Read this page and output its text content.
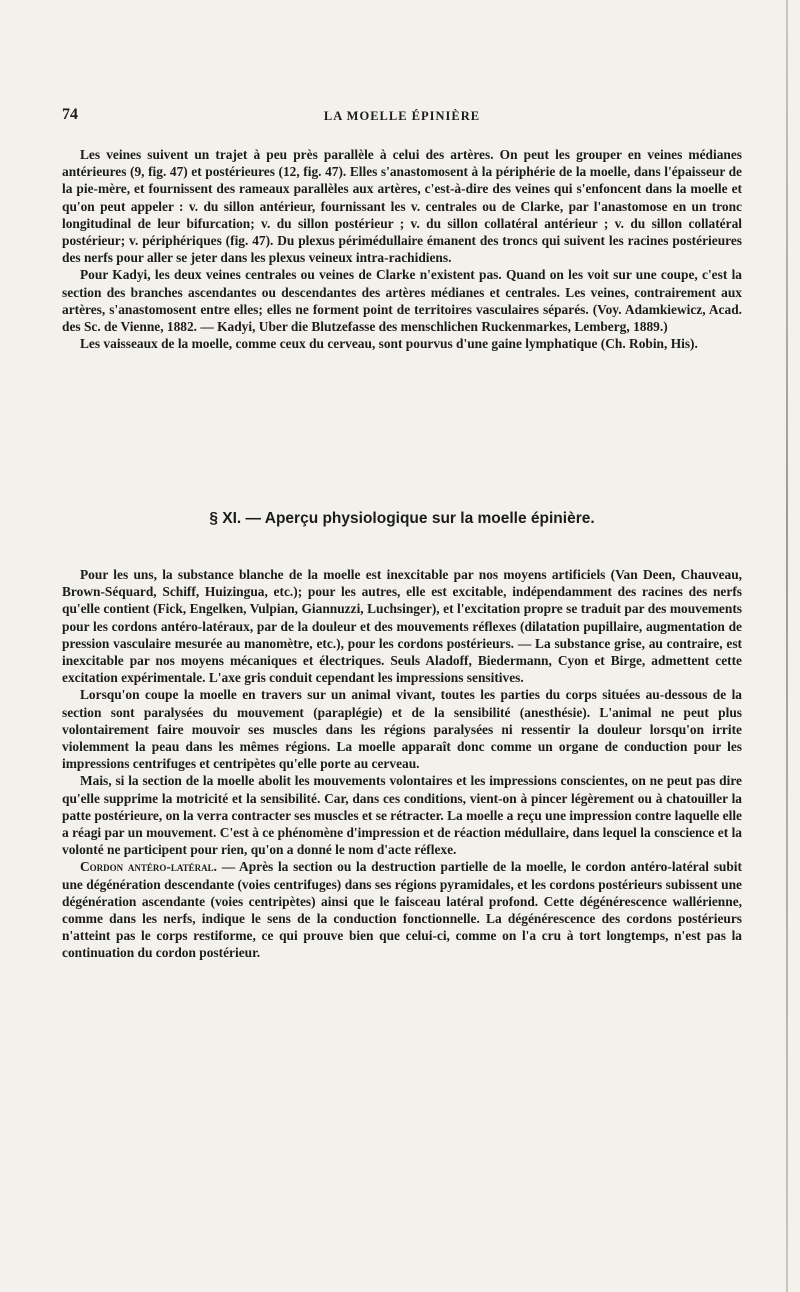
74	LA MOELLE ÉPINIÈRE

Les veines suivent un trajet à peu près parallèle à celui des artères. On peut les grouper en veines médianes antérieures (9, fig. 47) et postérieures (12, fig. 47). Elles s'anastomosent à la périphérie de la moelle, dans l'épaisseur de la pie-mère, et fournissent des rameaux parallèles aux artères, c'est-à-dire des veines qui s'enfoncent dans la moelle et qu'on peut appeler : v. du sillon antérieur, fournissant les v. centrales ou de Clarke, par l'anastomose en un tronc longitudinal de leur bifurcation; v. du sillon postérieur ; v. du sillon collatéral antérieur ; v. du sillon collatéral postérieur; v. périphériques (fig. 47). Du plexus périmédullaire émanent des troncs qui suivent les racines postérieures des nerfs pour aller se jeter dans les plexus veineux intra-rachidiens.

Pour Kadyi, les deux veines centrales ou veines de Clarke n'existent pas. Quand on les voit sur une coupe, c'est la section des branches ascendantes ou descendantes des artères médianes et centrales. Les veines, contrairement aux artères, s'anastomosent entre elles; elles ne forment point de territoires vasculaires séparés. (Voy. Adamkiewicz, Acad. des Sc. de Vienne, 1882. — Kadyi, Uber die Blutzefasse des menschlichen Ruckenmarkes, Lemberg, 1889.)

Les vaisseaux de la moelle, comme ceux du cerveau, sont pourvus d'une gaine lymphatique (Ch. Robin, His).

§ XI. — Aperçu physiologique sur la moelle épinière.

Pour les uns, la substance blanche de la moelle est inexcitable par nos moyens artificiels (Van Deen, Chauveau, Brown-Séquard, Schiff, Huizingua, etc.); pour les autres, elle est excitable, indépendamment des racines des nerfs qu'elle contient (Fick, Engelken, Vulpian, Giannuzzi, Luchsinger), et l'excitation propre se traduit par des mouvements pour les cordons antéro-latéraux, par de la douleur et des mouvements réflexes (dilatation pupillaire, augmentation de pression vasculaire mesurée au manomètre, etc.), pour les cordons postérieurs. — La substance grise, au contraire, est inexcitable par nos moyens mécaniques et électriques. Seuls Aladoff, Biedermann, Cyon et Birge, admettent cette excitation expérimentale. L'axe gris conduit cependant les impressions sensitives.

Lorsqu'on coupe la moelle en travers sur un animal vivant, toutes les parties du corps situées au-dessous de la section sont paralysées du mouvement (paraplégie) et de la sensibilité (anesthésie). L'animal ne peut plus volontairement faire mouvoir ses muscles dans les régions paralysées ni ressentir la douleur lorsqu'on irrite violemment la peau dans les mêmes régions. La moelle apparaît donc comme un organe de conduction pour les impressions centrifuges et centripètes qu'elle porte au cerveau.

Mais, si la section de la moelle abolit les mouvements volontaires et les impressions conscientes, on ne peut pas dire qu'elle supprime la motricité et la sensibilité. Car, dans ces conditions, vient-on à pincer légèrement ou à chatouiller la patte postérieure, on la verra contracter ses muscles et se rétracter. La moelle a reçu une impression contre laquelle elle a réagi par un mouvement. C'est à ce phénomène d'impression et de réaction médullaire, dans lequel la conscience et la volonté ne participent pour rien, qu'on a donné le nom d'acte réflexe.

Cordon antéro-latéral. — Après la section ou la destruction partielle de la moelle, le cordon antéro-latéral subit une dégénération descendante (voies centrifuges) dans ses régions pyramidales, et les cordons postérieurs subissent une dégénération ascendante (voies centripètes) ainsi que le faisceau latéral profond. Cette dégénérescence wallérienne, comme dans les nerfs, indique le sens de la conduction fonctionnelle. La dégénérescence des cordons postérieurs n'atteint pas le corps restiforme, ce qui prouve bien que celui-ci, comme on l'a cru à tort longtemps, n'est pas la continuation du cordon postérieur.
